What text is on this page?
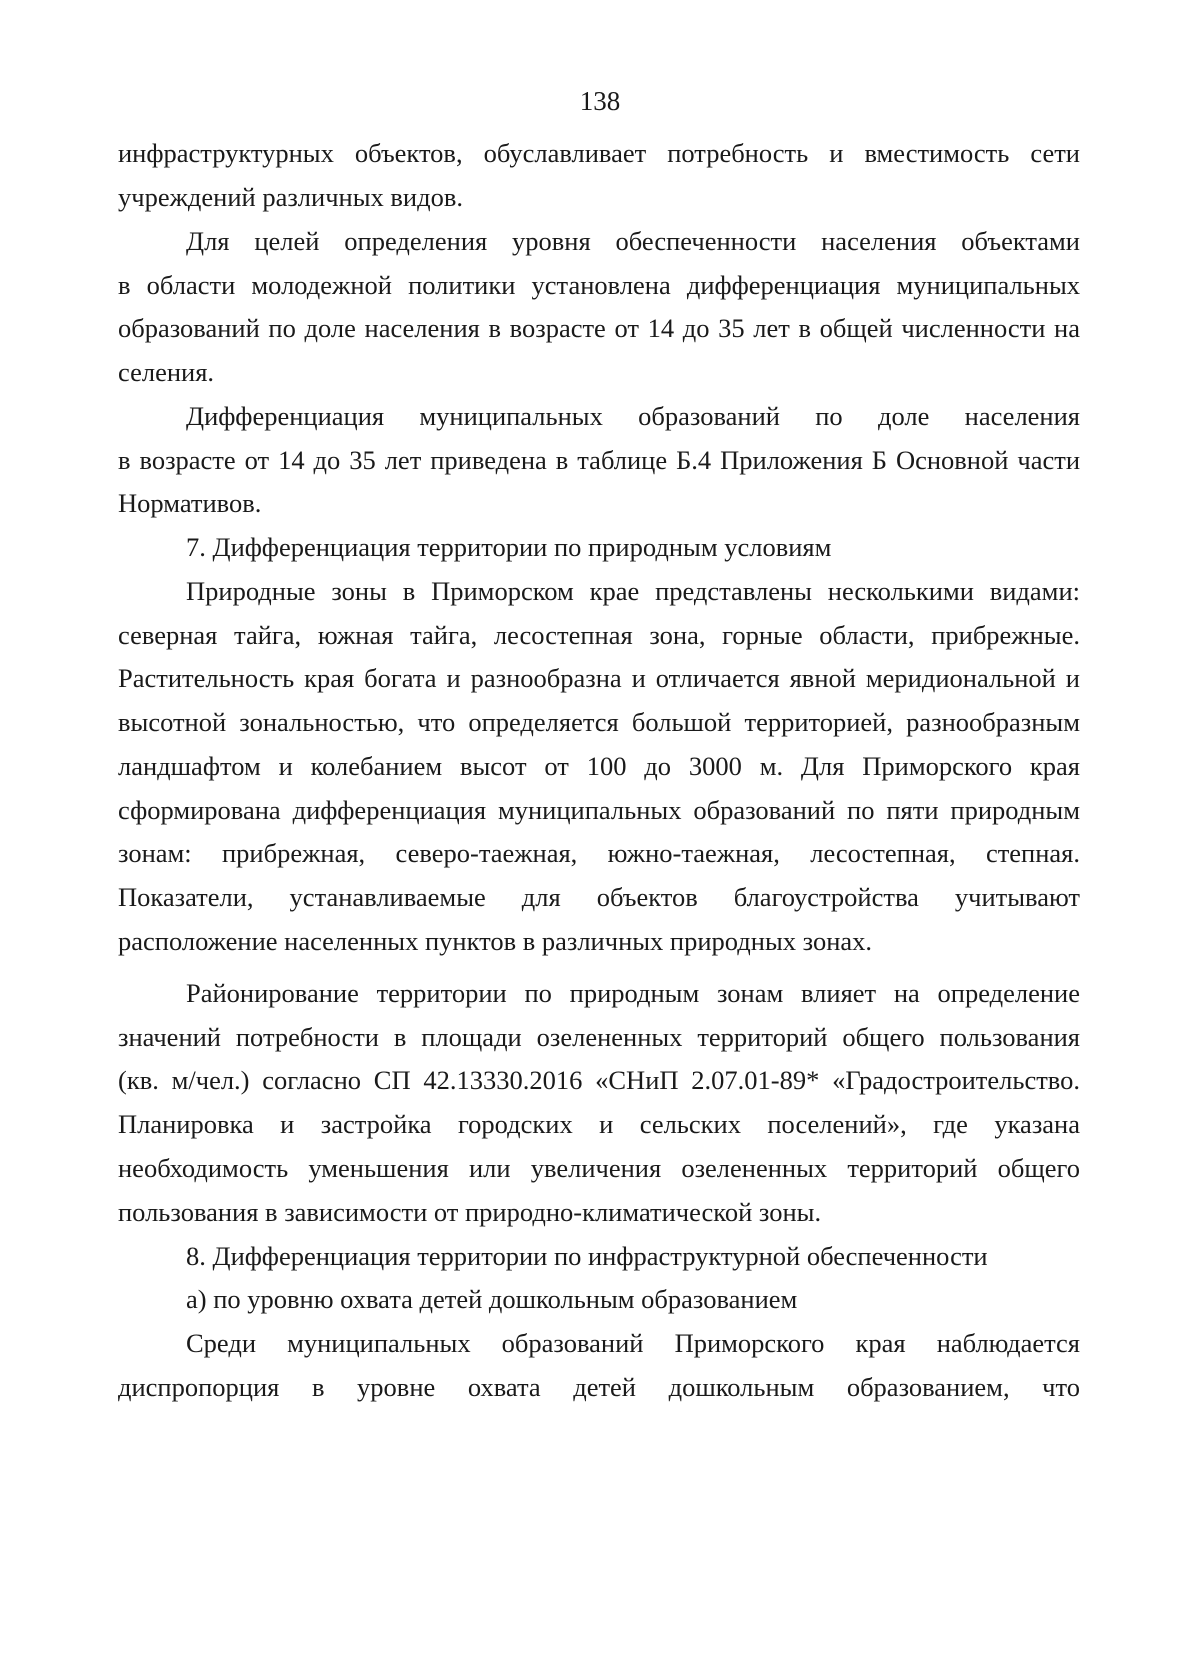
138
инфраструктурных объектов, обуславливает потребность и вместимость сети
учреждений различных видов.
Для целей определения уровня обеспеченности населения объектами
в области молодежной политики установлена дифференциация муниципальных
образований по доле населения в возрасте от 14 до 35 лет в общей численности на
селения.
Дифференциация муниципальных образований по доле населения
в возрасте от 14 до 35 лет приведена в таблице Б.4 Приложения Б Основной части
Нормативов.
7. Дифференциация территории по природным условиям
Природные зоны в Приморском крае представлены несколькими видами:
северная тайга, южная тайга, лесостепная зона, горные области, прибрежные.
Растительность края богата и разнообразна и отличается явной меридиональной и
высотной зональностью, что определяется большой территорией, разнообразным
ландшафтом и колебанием высот от 100 до 3000 м. Для Приморского края
сформирована дифференциация муниципальных образований по пяти природным
зонам: прибрежная, северо-таежная, южно-таежная, лесостепная, степная.
Показатели, устанавливаемые для объектов благоустройства учитывают
расположение населенных пунктов в различных природных зонах.
Районирование территории по природным зонам влияет на определение
значений потребности в площади озелененных территорий общего пользования
(кв. м/чел.) согласно СП 42.13330.2016 «СНиП 2.07.01-89* «Градостроительство.
Планировка и застройка городских и сельских поселений», где указана
необходимость уменьшения или увеличения озелененных территорий общего
пользования в зависимости от природно-климатической зоны.
8. Дифференциация территории по инфраструктурной обеспеченности
а) по уровню охвата детей дошкольным образованием
Среди муниципальных образований Приморского края наблюдается
диспропорция в уровне охвата детей дошкольным образованием, что
